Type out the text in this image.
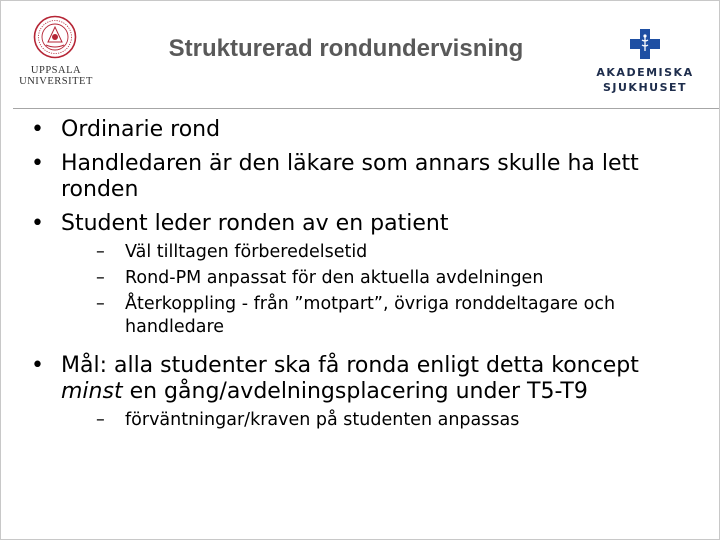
UPPSALA
UNIVERSITET
Strukturerad rondundervisning
AKADEMISKA
SJUKHUSET
• Ordinarie rond
• Handledaren är den läkare som annars skulle ha lett ronden
• Student leder ronden av en patient
– Väl tilltagen förberedelsetid
– Rond-PM anpassat för den aktuella avdelningen
– Återkoppling - från ”motpart”, övriga ronddeltagare och handledare
• Mål: alla studenter ska få ronda enligt detta koncept minst en gång/avdelningsplacering under T5-T9
– förväntningar/kraven på studenten anpassas
